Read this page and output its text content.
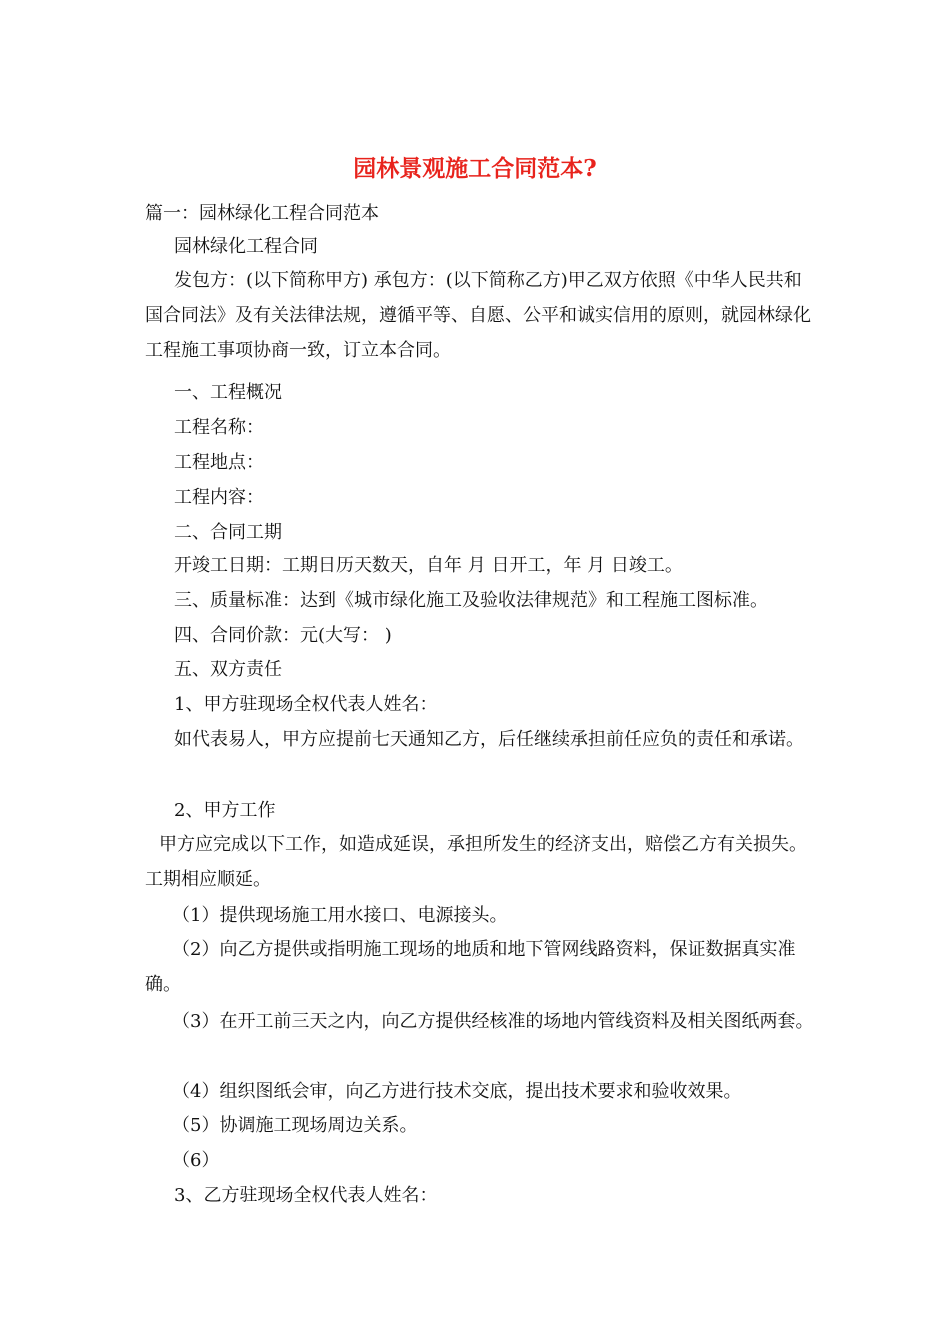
园林景观施工合同范本?

篇一：园林绿化工程合同范本

园林绿化工程合同

发包方：(以下简称甲方) 承包方：(以下简称乙方)甲乙双方依照《中华人民共和国合同法》及有关法律法规，遵循平等、自愿、公平和诚实信用的原则，就园林绿化工程施工事项协商一致，订立本合同。

一、工程概况

工程名称：

工程地点：

工程内容：

二、合同工期

开竣工日期：工期日历天数天，自年 月 日开工，年 月 日竣工。

三、质量标准：达到《城市绿化施工及验收法律规范》和工程施工图标准。

四、合同价款：元(大写： )

五、双方责任

1、甲方驻现场全权代表人姓名：

如代表易人，甲方应提前七天通知乙方，后任继续承担前任应负的责任和承诺。

2、甲方工作

甲方应完成以下工作，如造成延误，承担所发生的经济支出，赔偿乙方有关损失。工期相应顺延。

（1）提供现场施工用水接口、电源接头。

（2）向乙方提供或指明施工现场的地质和地下管网线路资料，保证数据真实准确。

（3）在开工前三天之内，向乙方提供经核准的场地内管线资料及相关图纸两套。

（4）组织图纸会审，向乙方进行技术交底，提出技术要求和验收效果。

（5）协调施工现场周边关系。

（6）

3、乙方驻现场全权代表人姓名：
